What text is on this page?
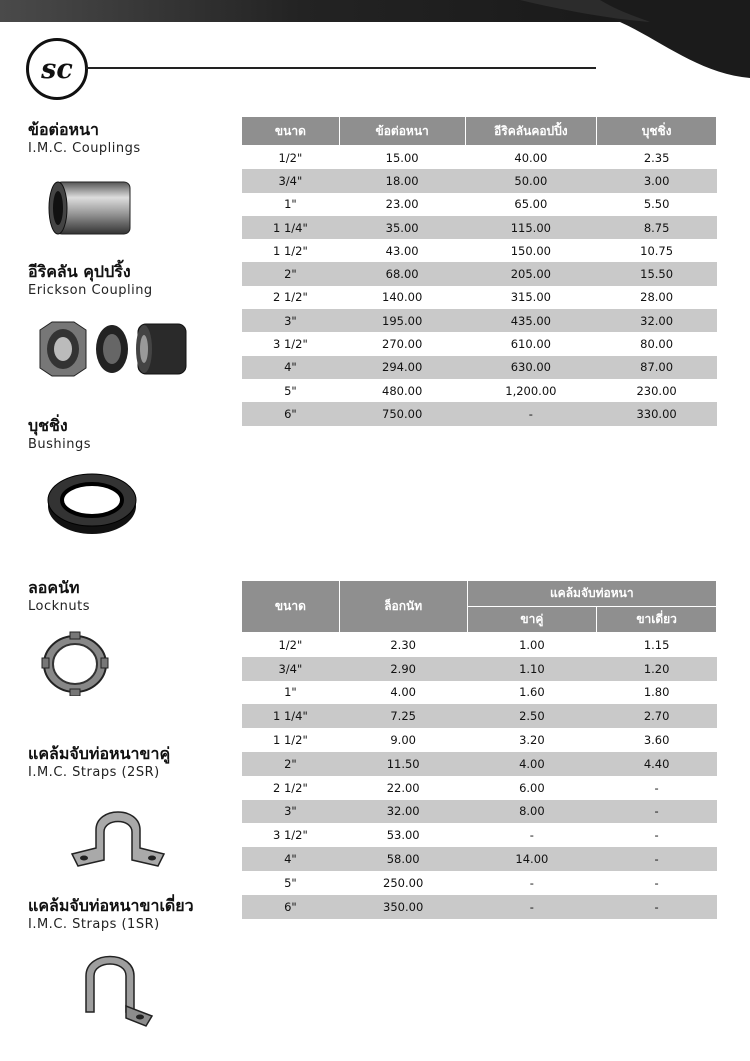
sc
ข้อต่อหนา
I.M.C. Couplings
อีริคลัน คุปปริ้ง
Erickson Coupling
บุชชิ่ง
Bushings
ลอคนัท
Locknuts
แคล้มจับท่อหนาขาคู่
I.M.C. Straps (2SR)
แคล้มจับท่อหนาขาเดี่ยว
I.M.C. Straps (1SR)
ขนาด	ข้อต่อหนา	อีริคลันคอปปิ้ง	บุชชิ่ง
1/2"	15.00	40.00	2.35
3/4"	18.00	50.00	3.00
1"	23.00	65.00	5.50
1 1/4"	35.00	115.00	8.75
1 1/2"	43.00	150.00	10.75
2"	68.00	205.00	15.50
2 1/2"	140.00	315.00	28.00
3"	195.00	435.00	32.00
3 1/2"	270.00	610.00	80.00
4"	294.00	630.00	87.00
5"	480.00	1,200.00	230.00
6"	750.00	-	330.00
ขนาด	ล็อกนัท	แคล้มจับท่อหนา	
		ขาคู่	ขาเดี่ยว
1/2"	2.30	1.00	1.15
3/4"	2.90	1.10	1.20
1"	4.00	1.60	1.80
1 1/4"	7.25	2.50	2.70
1 1/2"	9.00	3.20	3.60
2"	11.50	4.00	4.40
2 1/2"	22.00	6.00	-
3"	32.00	8.00	-
3 1/2"	53.00	-	-
4"	58.00	14.00	-
5"	250.00	-	-
6"	350.00	-	-
